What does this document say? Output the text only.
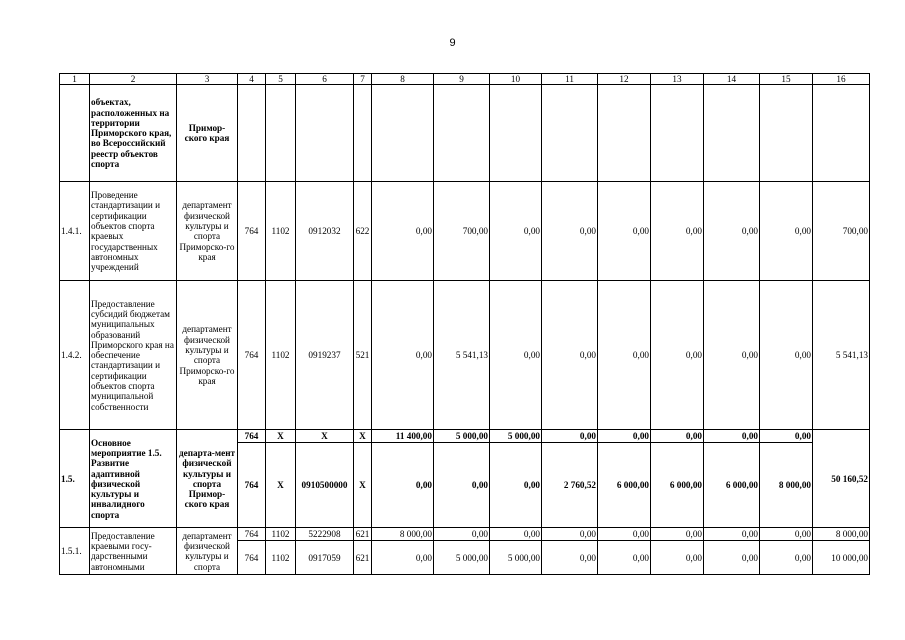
9
1	2	3	4	5	6	7	8	9	10	11	12	13	14	15	16
	объектах, расположенных на территории Приморского края, во Всероссийский реестр объектов спорта	Примор-ского края													
1.4.1.	Проведение стандартизации и сертификации объектов спорта краевых государственных автономных учреждений	департамент физической культуры и спорта Приморско-го края	764	1102	0912032	622	0,00	700,00	0,00	0,00	0,00	0,00	0,00	0,00	700,00
1.4.2.	Предоставление субсидий бюджетам муниципальных образований Приморского края на обеспечение стандартизации и сертификации объектов спорта муниципальной собственности	департамент физической культуры и спорта Приморско-го края	764	1102	0919237	521	0,00	5 541,13	0,00	0,00	0,00	0,00	0,00	0,00	5 541,13
1.5.	Основное мероприятие 1.5. Развитие адаптивной физической культуры и инвалидного спорта	департа-мент физической культуры и спорта Примор-ского края	764	Х	Х	Х	11 400,00	5 000,00	5 000,00	0,00	0,00	0,00	0,00	0,00	50 160,52
			764	Х	0910500000	Х	0,00	0,00	0,00	2 760,52	6 000,00	6 000,00	6 000,00	8 000,00	
1.5.1.	Предоставление краевыми госу-дарственными автономными	департамент физической культуры и спорта	764	1102	5222908	621	8 000,00	0,00	0,00	0,00	0,00	0,00	0,00	0,00	8 000,00
			764	1102	0917059	621	0,00	5 000,00	5 000,00	0,00	0,00	0,00	0,00	0,00	10 000,00
